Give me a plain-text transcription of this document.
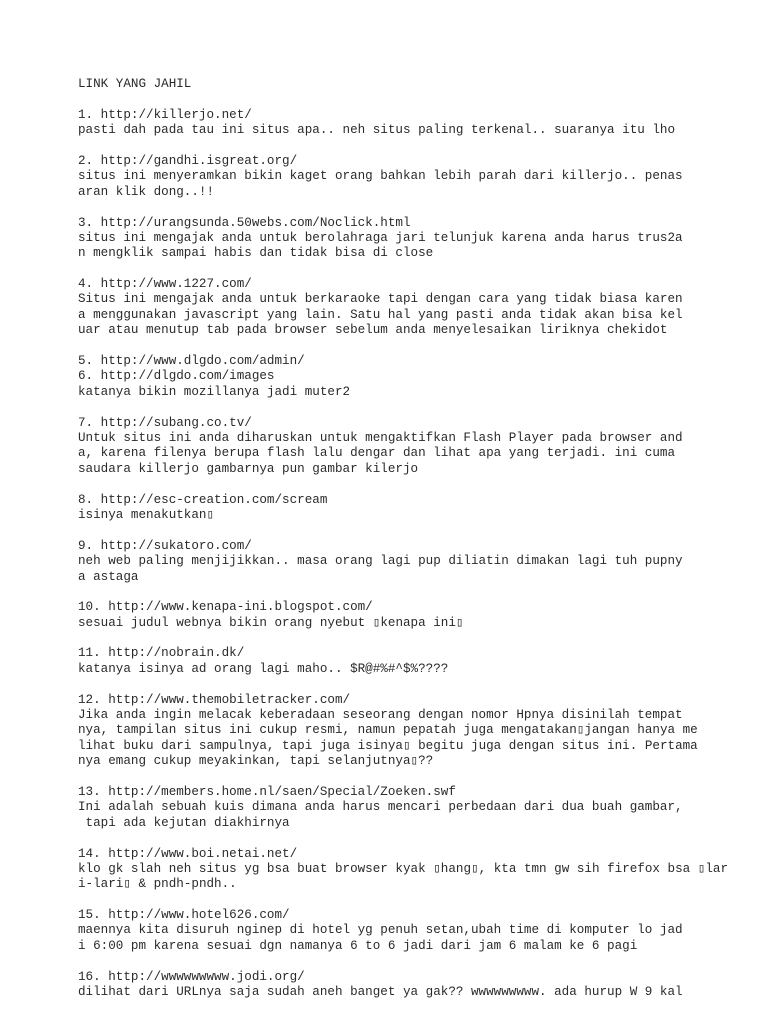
LINK YANG JAHIL
1. http://killerjo.net/
pasti dah pada tau ini situs apa.. neh situs paling terkenal.. suaranya itu lho
2. http://gandhi.isgreat.org/
situs ini menyeramkan bikin kaget orang bahkan lebih parah dari killerjo.. penas
aran klik dong..!!
3. http://urangsunda.50webs.com/Noclick.html
situs ini mengajak anda untuk berolahraga jari telunjuk karena anda harus trus2a
n mengklik sampai habis dan tidak bisa di close
4. http://www.1227.com/
Situs ini mengajak anda untuk berkaraoke tapi dengan cara yang tidak biasa karen
a menggunakan javascript yang lain. Satu hal yang pasti anda tidak akan bisa kel
uar atau menutup tab pada browser sebelum anda menyelesaikan liriknya chekidot
5. http://www.dlgdo.com/admin/
6. http://dlgdo.com/images
katanya bikin mozillanya jadi muter2
7. http://subang.co.tv/
Untuk situs ini anda diharuskan untuk mengaktifkan Flash Player pada browser and
a, karena filenya berupa flash lalu dengar dan lihat apa yang terjadi. ini cuma
saudara killerjo gambarnya pun gambar kilerjo
8. http://esc-creation.com/scream
isinya menakutkan▯
9. http://sukatoro.com/
neh web paling menjijikkan.. masa orang lagi pup diliatin dimakan lagi tuh pupny
a astaga
10. http://www.kenapa-ini.blogspot.com/
sesuai judul webnya bikin orang nyebut ▯kenapa ini▯
11. http://nobrain.dk/
katanya isinya ad orang lagi maho.. $R@#%#^$%????
12. http://www.themobiletracker.com/
Jika anda ingin melacak keberadaan seseorang dengan nomor Hpnya disinilah tempat
nya, tampilan situs ini cukup resmi, namun pepatah juga mengatakan▯jangan hanya me
lihat buku dari sampulnya, tapi juga isinya▯ begitu juga dengan situs ini. Pertama
nya emang cukup meyakinkan, tapi selanjutnya▯??
13. http://members.home.nl/saen/Special/Zoeken.swf
Ini adalah sebuah kuis dimana anda harus mencari perbedaan dari dua buah gambar,
tapi ada kejutan diakhirnya
14. http://www.boi.netai.net/
klo gk slah neh situs yg bsa buat browser kyak ▯hang▯, kta tmn gw sih firefox bsa ▯lar
i-lari▯ & pndh-pndh..
15. http://www.hotel626.com/
maennya kita disuruh nginep di hotel yg penuh setan,ubah time di komputer lo jad
i 6:00 pm karena sesuai dgn namanya 6 to 6 jadi dari jam 6 malam ke 6 pagi
16. http://wwwwwwwww.jodi.org/
dilihat dari URLnya saja sudah aneh banget ya gak?? wwwwwwwww. ada hurup W 9 kal
